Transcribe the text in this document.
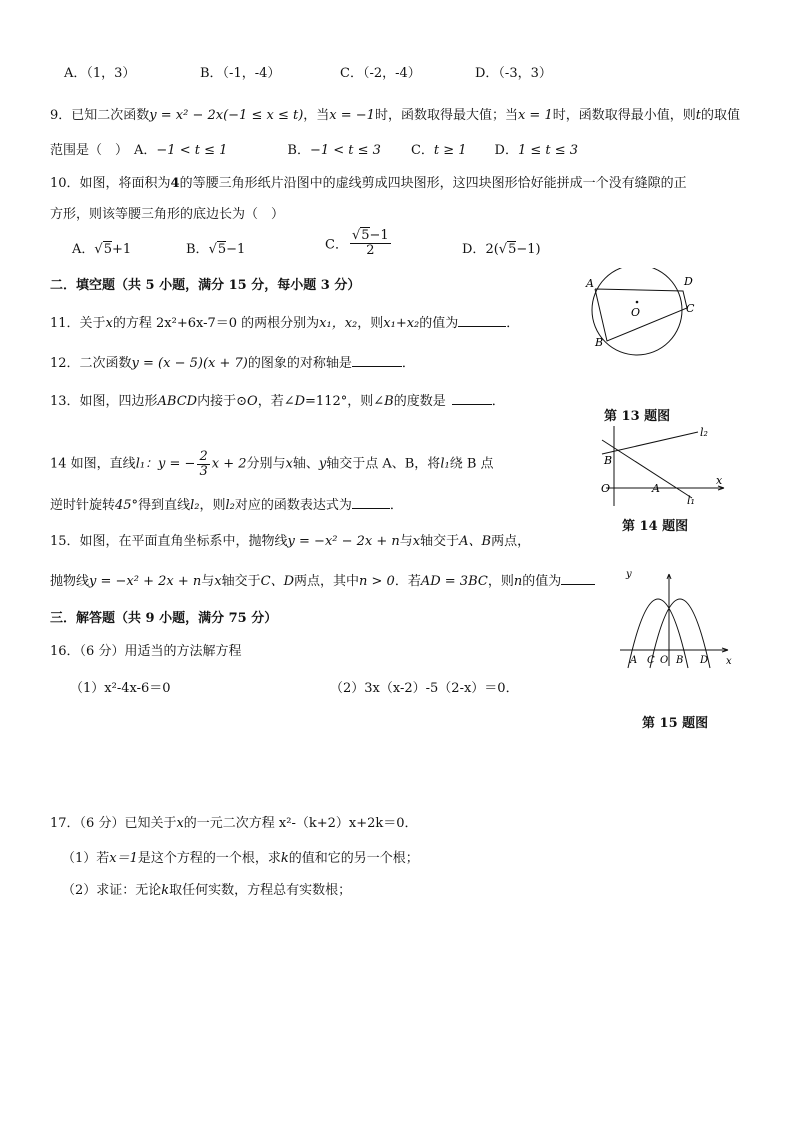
A．（1，3）	B．（-1，-4）	C．（-2，-4）	D．（-3，3）
9．已知二次函数y = x² − 2x(−1 ≤ x ≤ t)，当x = −1时，函数取得最大值；当x = 1时，函数取得最小值，则t的取值
范围是（　） A．−1 < t ≤ 1	B．−1 < t ≤ 3 C．t ≥ 1 D．1 ≤ t ≤ 3
10．如图，将面积为4的等腰三角形纸片沿图中的虚线剪成四块图形，这四块图形恰好能拼成一个没有缝隙的正
方形，则该等腰三角形的底边长为（　）
A．√5+1	B．√5−1	C． $\frac{√5-1}{2}$	D．2(√5−1)
二．填空题（共 5 小题，满分 15 分，每小题 3 分）
11．关于x的方程 2x²+6x-7＝0 的两根分别为x₁，x₂，则x₁+x₂的值为	．
12．二次函数y = (x − 5)(x + 7)的图象的对称轴是	．
13．如图，四边形ABCD内接于⊙O，若∠D=112°，则∠B的度数是	．
14 如图，直线l₁：y = − $\frac{2}{3}$ x + 2分别与x轴、y轴交于点 A、B，将l₁绕 B 点
逆时针旋转45°得到直线l₂，则l₂对应的函数表达式为	．
15．如图，在平面直角坐标系中，抛物线y = −x² − 2x + n与x轴交于A、B两点，
抛物线y = −x² + 2x + n与x轴交于C、D两点，其中n > 0．若AD = 3BC，则n的值为
三．解答题（共 9 小题，满分 75 分）
16．（6 分）用适当的方法解方程
（1）x²-4x-6＝0	（2）3x（x-2）-5（2-x）＝0．
17．（6 分）已知关于x的一元二次方程 x²-（k+2）x+2k＝0．
（1）若x＝1是这个方程的一个根，求k的值和它的另一个根；
（2）求证：无论k取任何实数，方程总有实数根；
A	D
C
B
O
第 13 题图
l₂
l₁
B
O	A
x
第 14 题图
y
x
A C O B D
第 15 题图
